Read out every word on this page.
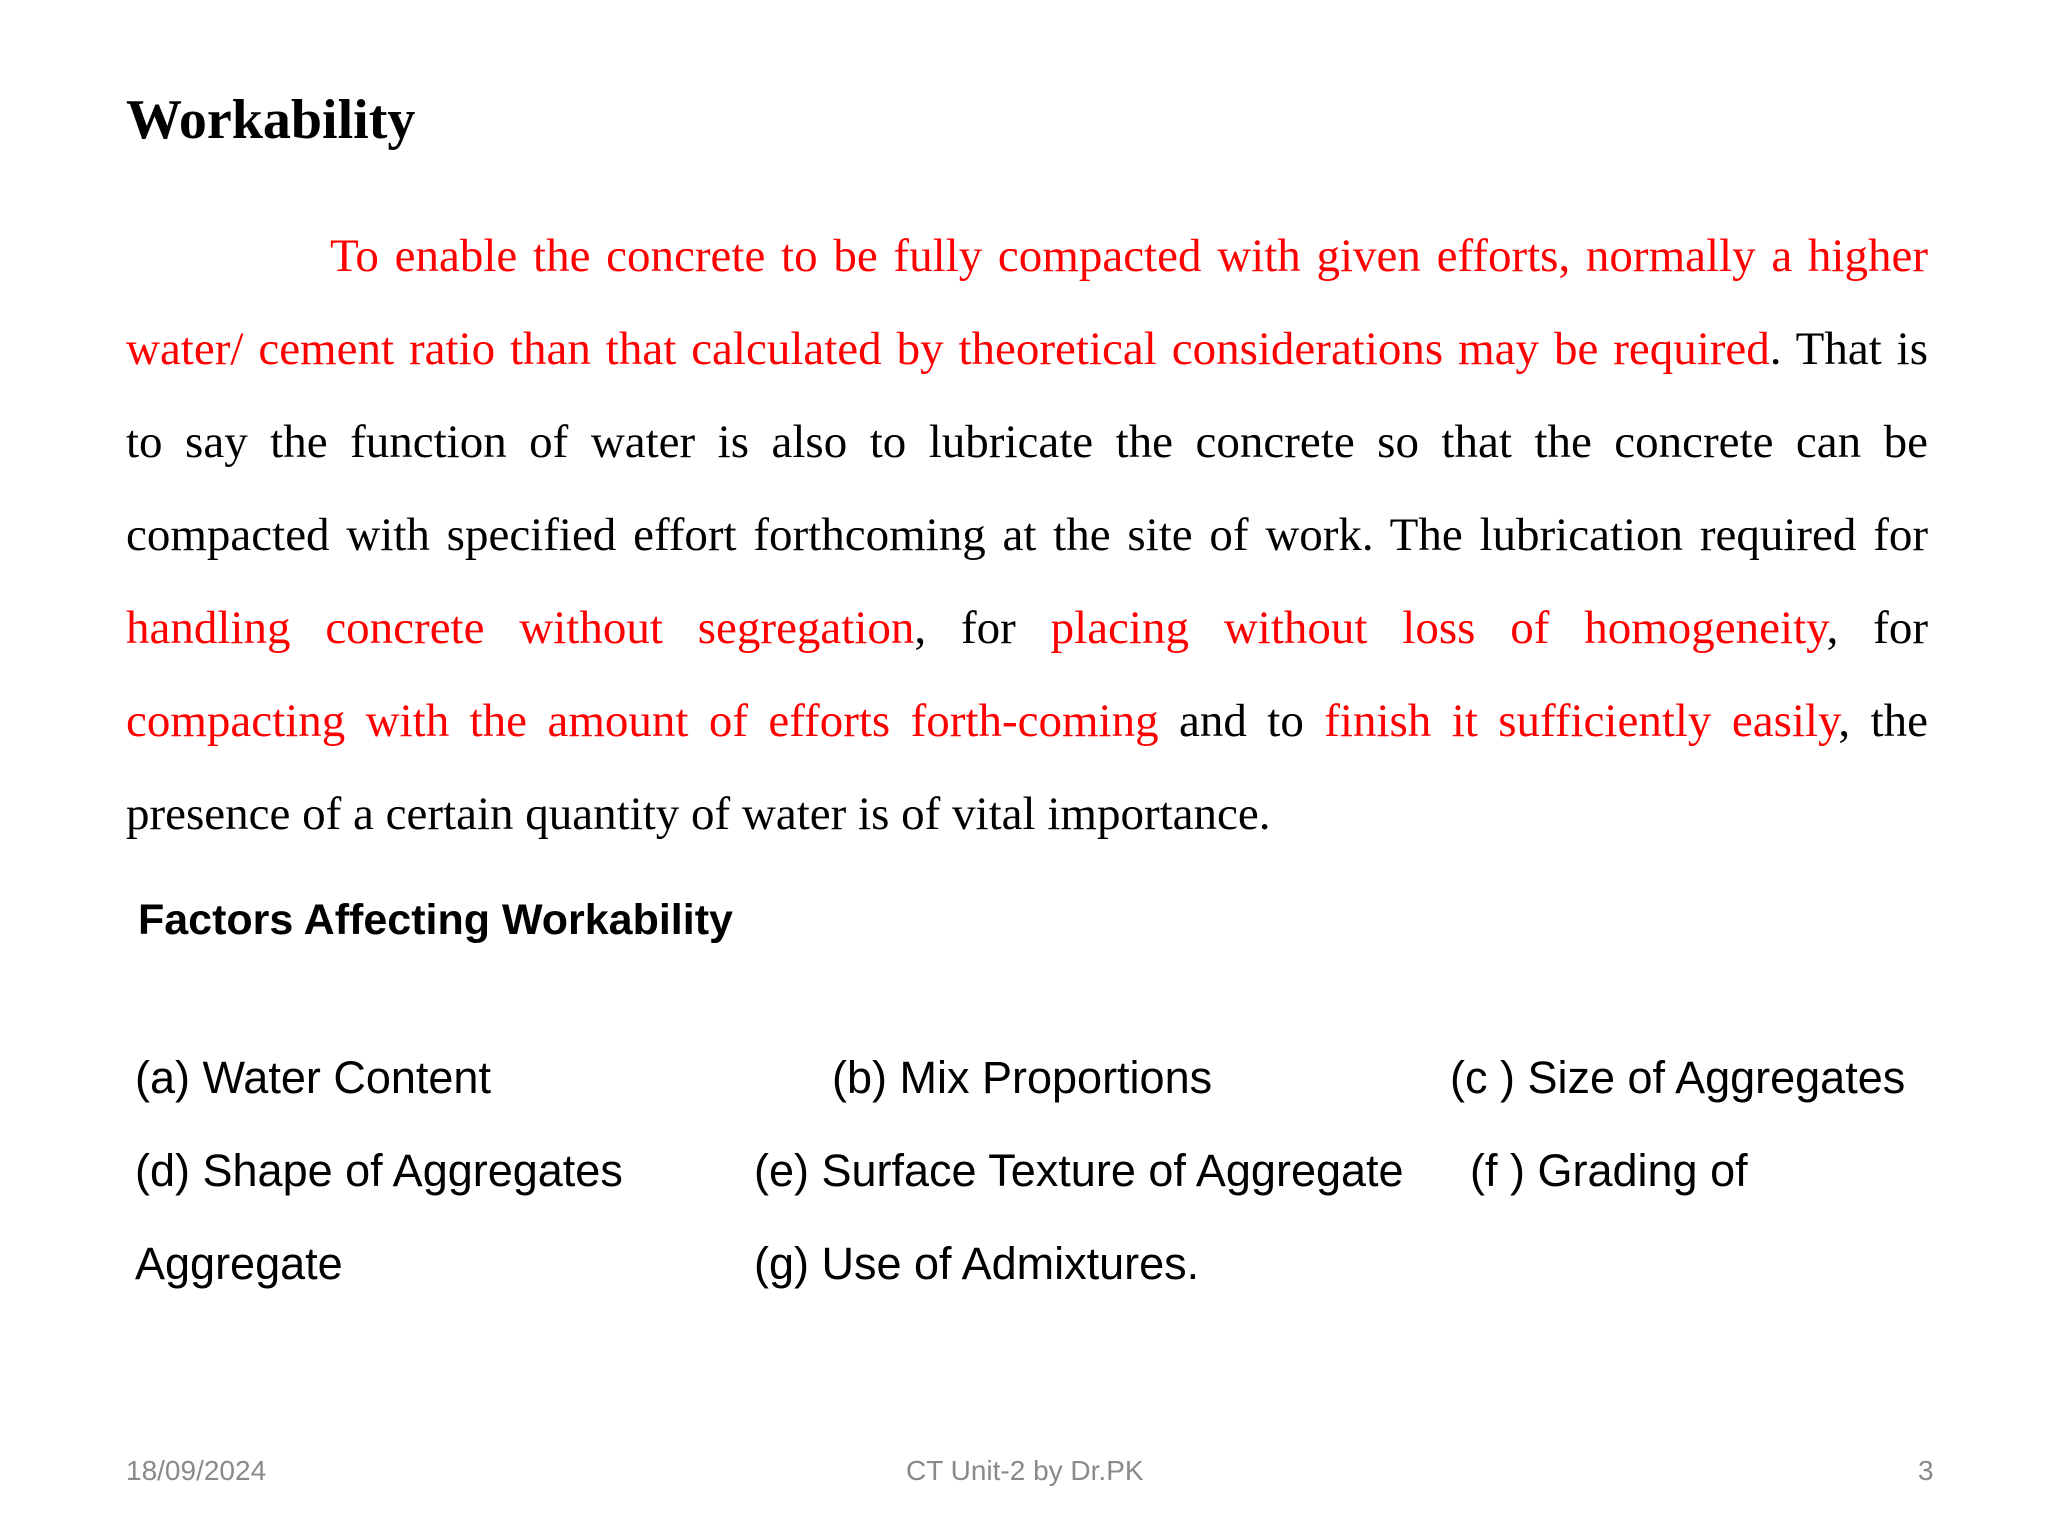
Workability

To enable the concrete to be fully compacted with given efforts, normally a higher water/ cement ratio than that calculated by theoretical considerations may be required. That is to say the function of water is also to lubricate the concrete so that the concrete can be compacted with specified effort forthcoming at the site of work. The lubrication required for handling concrete without segregation, for placing without loss of homogeneity, for compacting with the amount of efforts forth-coming and to finish it sufficiently easily, the presence of a certain quantity of water is of vital importance.

Factors Affecting Workability
(a) Water Content	(b) Mix Proportions	(c ) Size of Aggregates
(d) Shape of Aggregates	(e) Surface Texture of Aggregate (f ) Grading of
Aggregate	(g) Use of Admixtures.
18/09/2024	CT Unit-2 by Dr.PK	3
